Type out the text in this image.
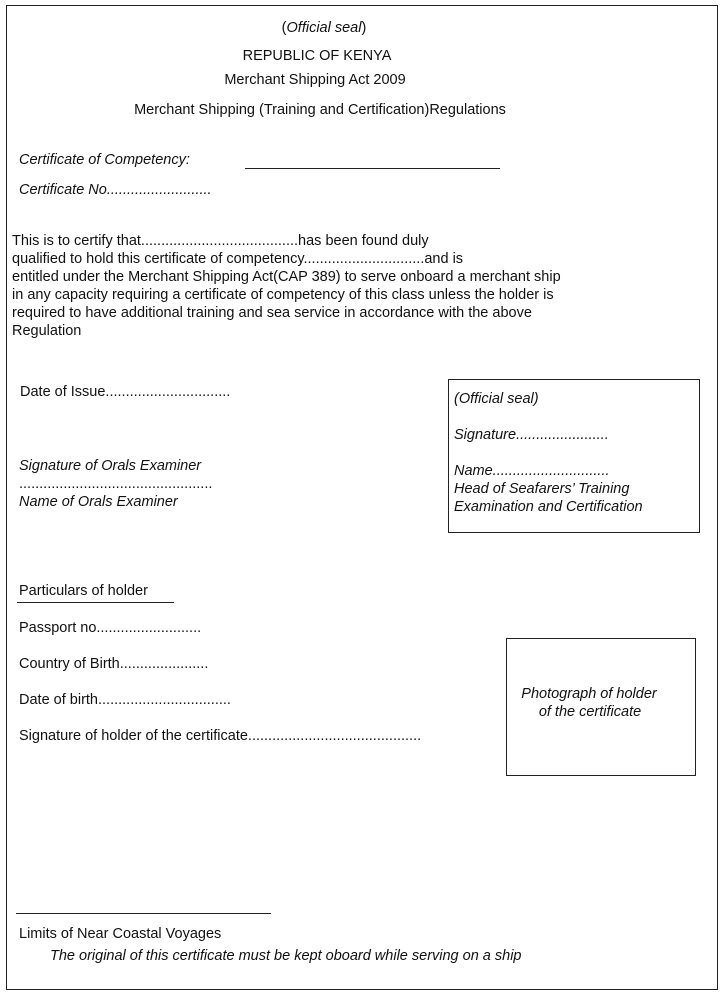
(Official seal)
REPUBLIC OF KENYA
Merchant Shipping Act 2009
Merchant Shipping (Training and Certification)Regulations
Certificate of Competency:
Certificate No..........................
This is to certify that.......................................has been found duly
qualified to hold this certificate of competency..............................and is
entitled under the Merchant Shipping Act(CAP 389) to serve onboard a merchant ship
in any capacity requiring a certificate of competency of this class unless the holder is
required to have additional training and sea service in accordance with the above
Regulation
Date of Issue...............................
Signature of Orals Examiner
................................................
Name of Orals Examiner
(Official seal)
Signature.......................
Name.............................
Head of Seafarers’ Training
Examination and Certification
Particulars of holder
Passport no..........................
Country of Birth......................
Date of birth.................................
Signature of holder of the certificate...........................................
Photograph of holder
of the certificate
Limits of Near Coastal Voyages
The original of this certificate must be kept oboard while serving on a ship
